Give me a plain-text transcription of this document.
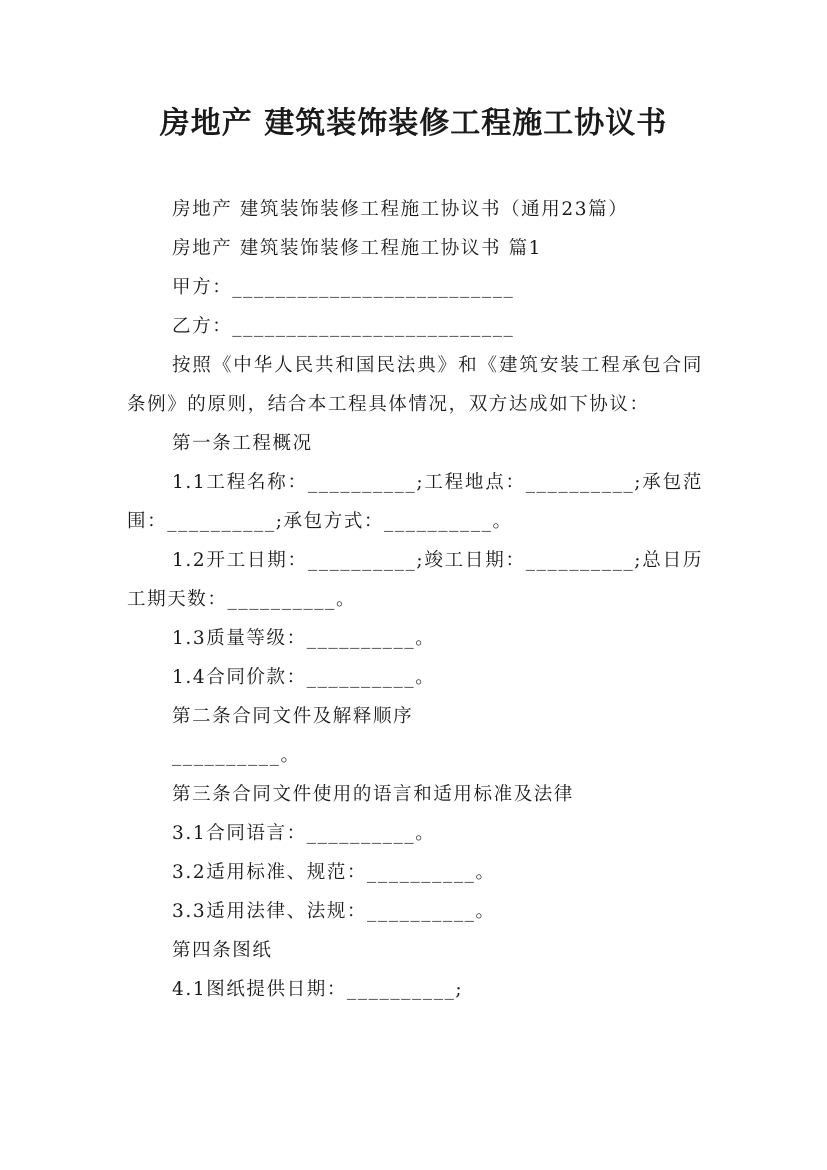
房地产 建筑装饰装修工程施工协议书

房地产 建筑装饰装修工程施工协议书（通用23篇）

房地产 建筑装饰装修工程施工协议书 篇1

甲方：__________________________

乙方：__________________________

按照《中华人民共和国民法典》和《建筑安装工程承包合同条例》的原则，结合本工程具体情况，双方达成如下协议：

第一条工程概况

1.1工程名称：__________;工程地点：__________;承包范围：__________;承包方式：__________。

1.2开工日期：__________;竣工日期：__________;总日历工期天数：__________。

1.3质量等级：__________。

1.4合同价款：__________。

第二条合同文件及解释顺序

__________。

第三条合同文件使用的语言和适用标准及法律

3.1合同语言：__________。

3.2适用标准、规范：__________。

3.3适用法律、法规：__________。

第四条图纸

4.1图纸提供日期：__________;
